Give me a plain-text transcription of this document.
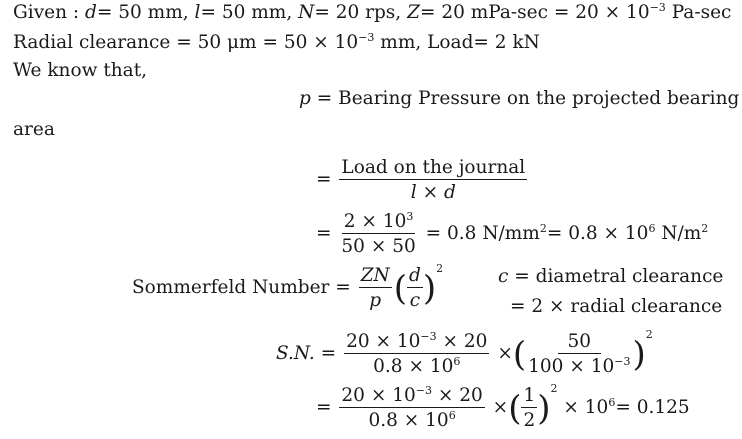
Given : d= 50 mm, l= 50 mm, N= 20 rps, Z= 20 $mPa-\sec = 20 \times 10^{-3}$ Pa-sec
Radial clearance = 50 $\mu m = 50 \times 10^{-3}$ mm, Load= 2 kN
We know that,
p = Bearing Pressure on the projected bearing
area
= $\frac{\text{Load on the journal}}{l \times d}$
= $\frac{2 \times 10^3}{50 \times 50} = 0.8$ $N/mm^2= 0.8 \times 10^6$ $N/m^2$
Sommerfeld Number = $\frac{ZN}{p}$ ( $\frac{d}{c} )^2$	c = diametral clearance
= 2 × radial clearance
S.N. = $\frac{20 \times 10^{-3} \times 20}{0.8 \times 10^6}$ ×( $\frac{50}{100 \times 10^{-3}} )^2$
= $\frac{20 \times 10^{-3} \times 20}{0.8 \times 10^6}$ ×( $\frac{1}{2} )^2 \times 10^6= 0.125$
